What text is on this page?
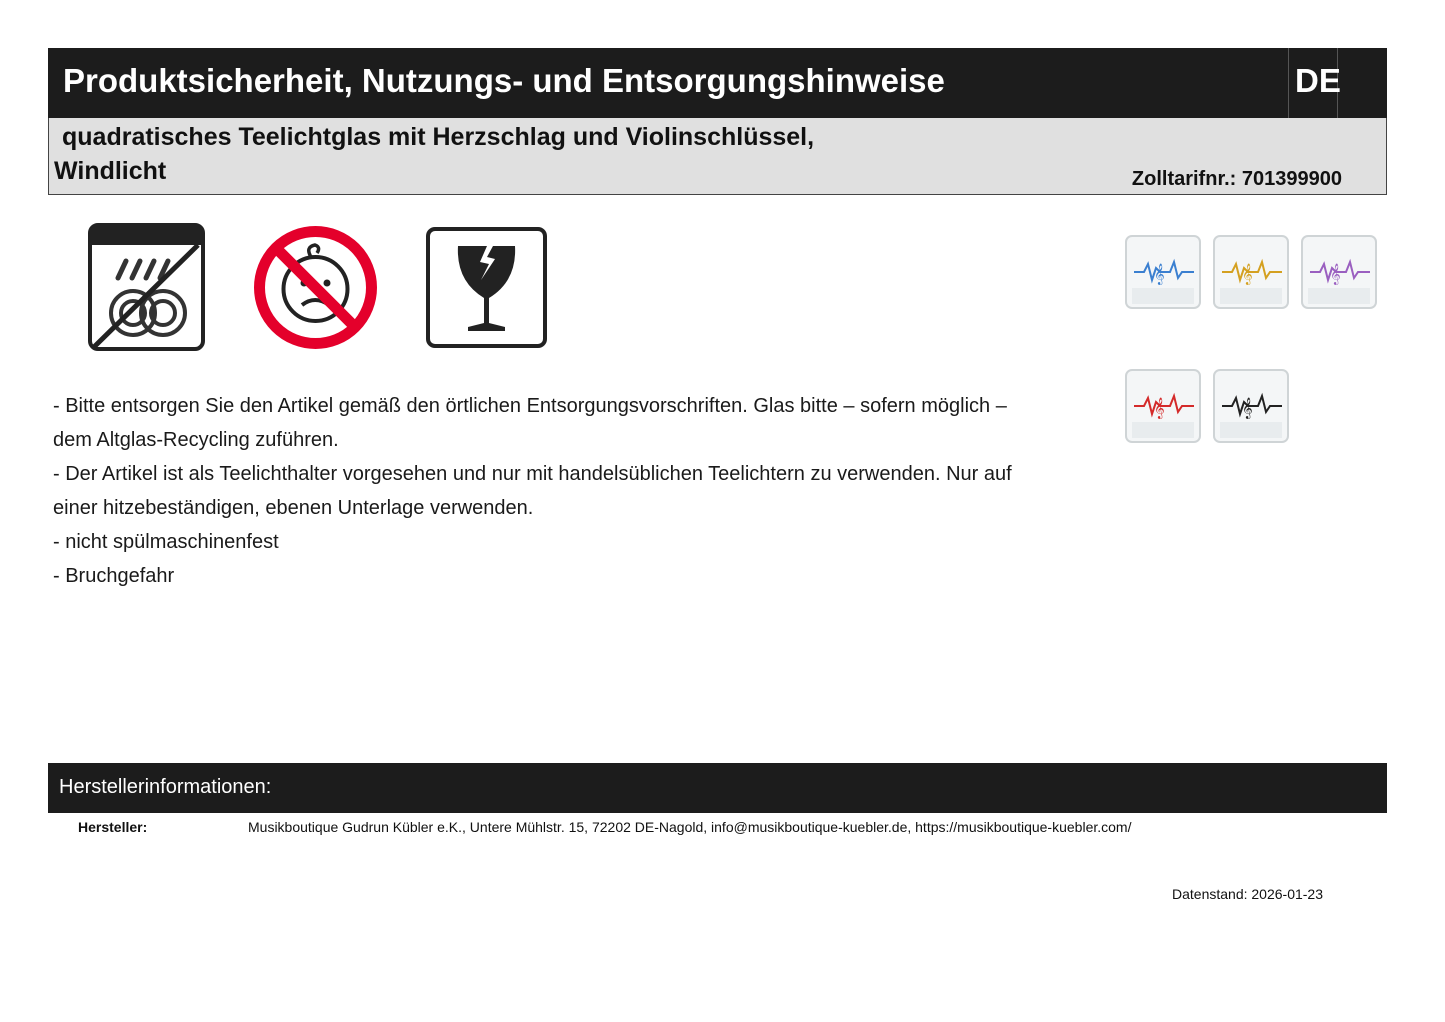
Produktsicherheit, Nutzungs- und Entsorgungshinweise	DE
quadratisches Teelichtglas mit Herzschlag und Violinschlüssel,
Windlicht	Zolltarifnr.: 701399900
𝄞	𝄞	𝄞
𝄞	𝄞

- Bitte entsorgen Sie den Artikel gemäß den örtlichen Entsorgungsvorschriften. Glas bitte – sofern möglich – dem Altglas-Recycling zuführen.

- Der Artikel ist als Teelichthalter vorgesehen und nur mit handelsüblichen Teelichtern zu verwenden. Nur auf einer hitzebeständigen, ebenen Unterlage verwenden.

- nicht spülmaschinenfest

- Bruchgefahr

Herstellerinformationen:
Hersteller:	Musikboutique Gudrun Kübler e.K., Untere Mühlstr. 15, 72202 DE-Nagold, info@musikboutique-kuebler.de, https://musikboutique-kuebler.com/
Datenstand: 2026-01-23
